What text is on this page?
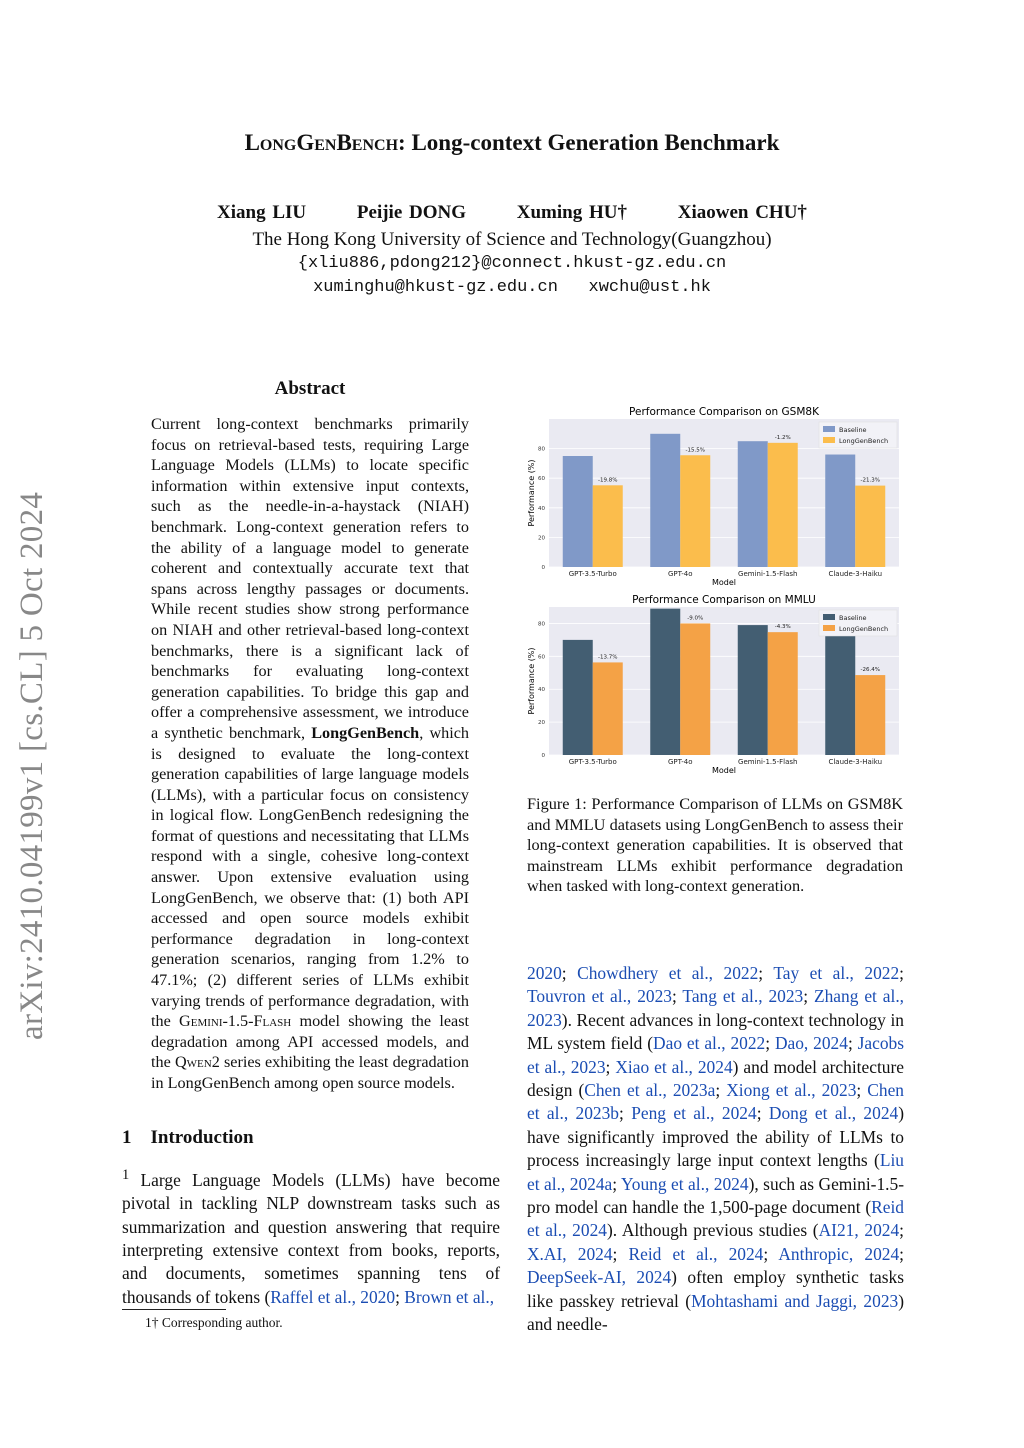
LongGenBench: Long-context Generation Benchmark
Xiang LIU	Peijie DONG	Xuming HU†	Xiaowen CHU†
The Hong Kong University of Science and Technology(Guangzhou)
{xliu886,pdong212}@connect.hkust-gz.edu.cn
xuminghu@hkust-gz.edu.cn   xwchu@ust.hk
arXiv:2410.04199v1 [cs.CL] 5 Oct 2024
Abstract
Current long-context benchmarks primarily focus on retrieval-based tests, requiring Large Language Models (LLMs) to locate specific information within extensive input contexts, such as the needle-in-a-haystack (NIAH) benchmark. Long-context generation refers to the ability of a language model to generate coherent and contextually accurate text that spans across lengthy passages or documents. While recent studies show strong performance on NIAH and other retrieval-based long-context benchmarks, there is a significant lack of benchmarks for evaluating long-context generation capabilities. To bridge this gap and offer a comprehensive assessment, we introduce a synthetic benchmark, LongGenBench, which is designed to evaluate the long-context generation capabilities of large language models (LLMs), with a particular focus on consistency in logical flow. LongGenBench redesigning the format of questions and necessitating that LLMs respond with a single, cohesive long-context answer. Upon extensive evaluation using LongGenBench, we observe that: (1) both API accessed and open source models exhibit performance degradation in long-context generation scenarios, ranging from 1.2% to 47.1%; (2) different series of LLMs exhibit varying trends of performance degradation, with the Gemini-1.5-Flash model showing the least degradation among API accessed models, and the Qwen2 series exhibiting the least degradation in LongGenBench among open source models.
1    Introduction
$^1$ Large Language Models (LLMs) have become pivotal in tackling NLP downstream tasks such as summarization and question answering that require interpreting extensive context from books, reports, and documents, sometimes spanning tens of thousands of tokens (Raffel et al., 2020; Brown et al.,
1† Corresponding author.
Performance Comparison on GSM8K
0
20
40
60
80
Performance (%)	-19.8%
GPT-3.5-Turbo
-15.5%
GPT-4o
-1.2%
Gemini-1.5-Flash
-21.3%
Claude-3-Haiku
Model
Baseline
LongGenBench
Performance Comparison on MMLU
0
20
40
60
80
Performance (%)	-13.7%
GPT-3.5-Turbo
-9.0%
GPT-4o
-4.3%
Gemini-1.5-Flash
-26.4%
Claude-3-Haiku
Model
Baseline
LongGenBench
Figure 1: Performance Comparison of LLMs on GSM8K and MMLU datasets using LongGenBench to assess their long-context generation capabilities. It is observed that mainstream LLMs exhibit performance degradation when tasked with long-context generation.
2020; Chowdhery et al., 2022; Tay et al., 2022; Touvron et al., 2023; Tang et al., 2023; Zhang et al., 2023). Recent advances in long-context technology in ML system field (Dao et al., 2022; Dao, 2024; Jacobs et al., 2023; Xiao et al., 2024) and model architecture design (Chen et al., 2023a; Xiong et al., 2023; Chen et al., 2023b; Peng et al., 2024; Dong et al., 2024) have significantly improved the ability of LLMs to process increasingly large input context lengths (Liu et al., 2024a; Young et al., 2024), such as Gemini-1.5-pro model can handle the 1,500-page document (Reid et al., 2024). Although previous studies (AI21, 2024; X.AI, 2024; Reid et al., 2024; Anthropic, 2024; DeepSeek-AI, 2024) often employ synthetic tasks like passkey retrieval (Mohtashami and Jaggi, 2023) and needle-
